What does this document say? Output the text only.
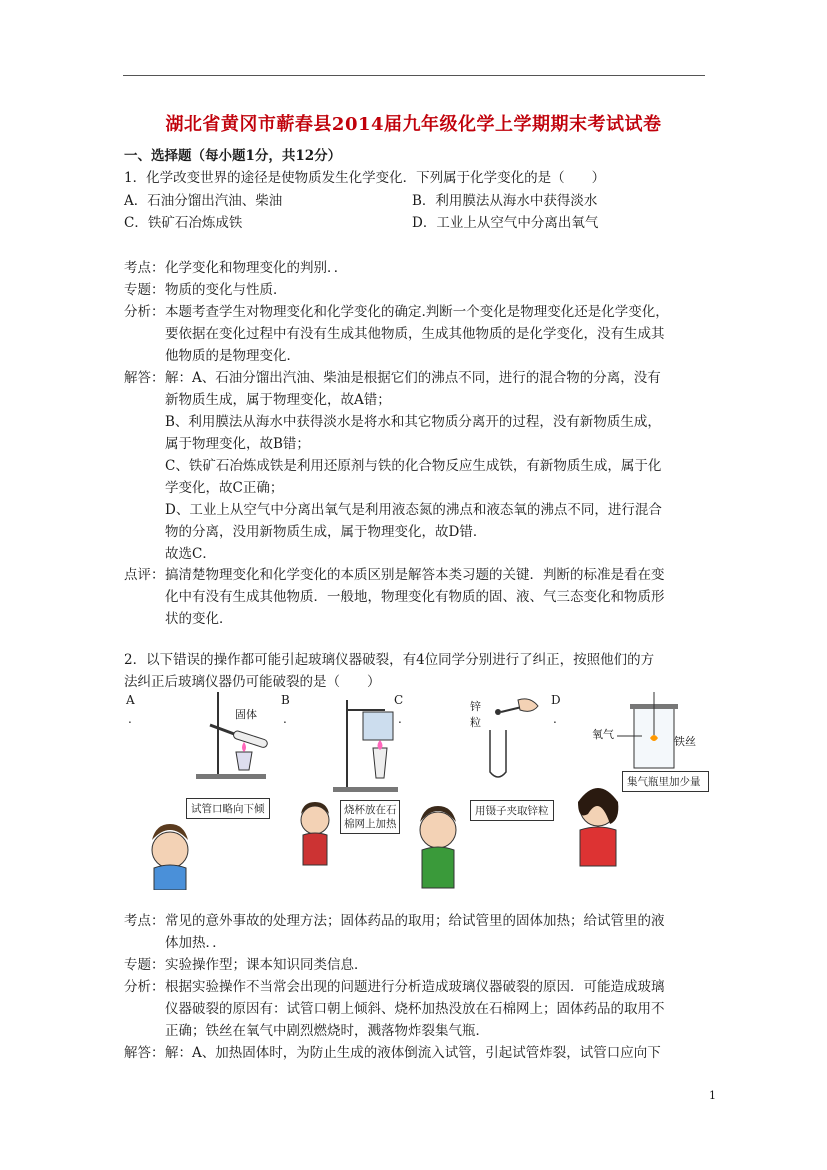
湖北省黄冈市蕲春县2014届九年级化学上学期期末考试试卷
一、选择题（每小题1分，共12分）
1．化学改变世界的途径是使物质发生化学变化．下列属于化学变化的是（　　）
A．石油分馏出汽油、柴油	B．利用膜法从海水中获得淡水
C．铁矿石冶炼成铁	D．工业上从空气中分离出氧气
考点： 化学变化和物理变化的判别．．
专题： 物质的变化与性质．
分析： 本题考查学生对物理变化和化学变化的确定.判断一个变化是物理变化还是化学变化，
要依据在变化过程中有没有生成其他物质，生成其他物质的是化学变化，没有生成其
他物质的是物理变化．
解答： 解：A、石油分馏出汽油、柴油是根据它们的沸点不同，进行的混合物的分离，没有
新物质生成，属于物理变化，故A错；
B、利用膜法从海水中获得淡水是将水和其它物质分离开的过程，没有新物质生成，
属于物理变化，故B错；
C、铁矿石冶炼成铁是利用还原剂与铁的化合物反应生成铁，有新物质生成，属于化
学变化，故C正确；
D、工业上从空气中分离出氧气是利用液态氮的沸点和液态氧的沸点不同，进行混合
物的分离，没用新物质生成，属于物理变化，故D错．
故选C．
点评： 搞清楚物理变化和化学变化的本质区别是解答本类习题的关键．判断的标准是看在变
化中有没有生成其他物质．一般地，物理变化有物质的固、液、气三态变化和物质形
状的变化．
2．以下错误的操作都可能引起玻璃仪器破裂，有4位同学分别进行了纠正，按照他们的方
法纠正后玻璃仪器仍可能破裂的是（　　）
A
.
B
.
C
.
D
.
固体
试管口略向下倾	烧杯放在石
棉网上加热
锌
粒
用镊子夹取锌粒
氧气
铁丝
集气瓶里加少量
考点： 常见的意外事故的处理方法；固体药品的取用；给试管里的固体加热；给试管里的液
体加热．．
专题： 实验操作型；课本知识同类信息．
分析： 根据实验操作不当常会出现的问题进行分析造成玻璃仪器破裂的原因．可能造成玻璃
仪器破裂的原因有：试管口朝上倾斜、烧杯加热没放在石棉网上；固体药品的取用不
正确；铁丝在氧气中剧烈燃烧时，溅落物炸裂集气瓶．
解答： 解：A、加热固体时，为防止生成的液体倒流入试管，引起试管炸裂，试管口应向下
1
